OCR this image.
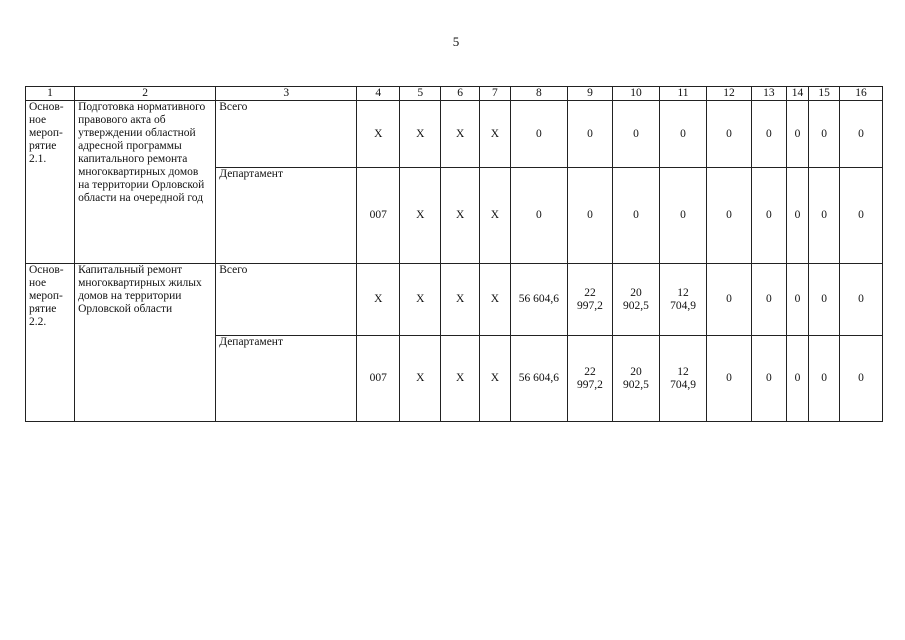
5
1	2	3	4	5	6	7	8	9	10	11	12	13	14	15	16
Основ-ное мероп-рятие 2.1.	Подготовка нормативного правового акта об утверждении областной адресной программы капитального ремонта многоквартирных домов на территории Орловской области на очередной год	Всего	Х	Х	Х	Х	0	0	0	0	0	0	0	0	0
		Департамент	007	Х	Х	Х	0	0	0	0	0	0	0	0	0
Основ-ное мероп-рятие 2.2.	Капитальный ремонт многоквартирных жилых домов на территории Орловской области	Всего	Х	Х	Х	Х	56 604,6	22 997,2	20 902,5	12 704,9	0	0	0	0	0
		Департамент	007	Х	Х	Х	56 604,6	22 997,2	20 902,5	12 704,9	0	0	0	0	0
